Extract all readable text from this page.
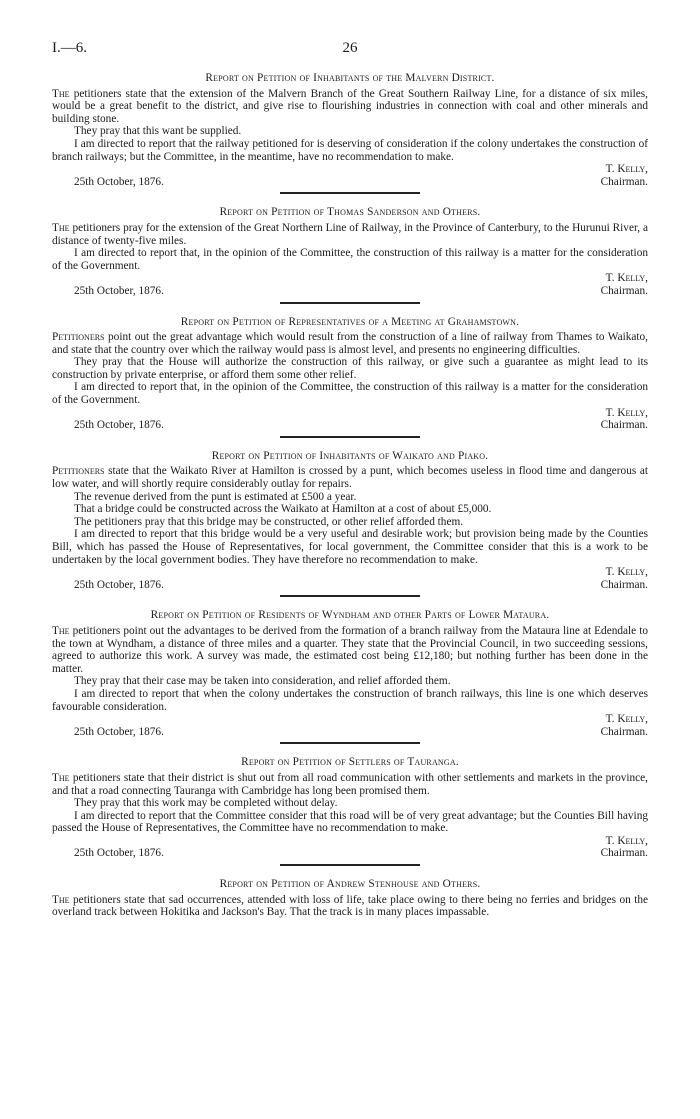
I.—6.	26
Report on Petition of Inhabitants of the Malvern District.

The petitioners state that the extension of the Malvern Branch of the Great Southern Railway Line, for a distance of six miles, would be a great benefit to the district, and give rise to flourishing industries in connection with coal and other minerals and building stone.

They pray that this want be supplied.

I am directed to report that the railway petitioned for is deserving of consideration if the colony undertakes the construction of branch railways; but the Committee, in the meantime, have no recommendation to make.

T. Kelly,
25th October, 1876.	Chairman.
Report on Petition of Thomas Sanderson and Others.

The petitioners pray for the extension of the Great Northern Line of Railway, in the Province of Canterbury, to the Hurunui River, a distance of twenty-five miles.

I am directed to report that, in the opinion of the Committee, the construction of this railway is a matter for the consideration of the Government.

T. Kelly,
25th October, 1876.	Chairman.
Report on Petition of Representatives of a Meeting at Grahamstown.

Petitioners point out the great advantage which would result from the construction of a line of railway from Thames to Waikato, and state that the country over which the railway would pass is almost level, and presents no engineering difficulties.

They pray that the House will authorize the construction of this railway, or give such a guarantee as might lead to its construction by private enterprise, or afford them some other relief.

I am directed to report that, in the opinion of the Committee, the construction of this railway is a matter for the consideration of the Government.

T. Kelly,
25th October, 1876.	Chairman.
Report on Petition of Inhabitants of Waikato and Piako.

Petitioners state that the Waikato River at Hamilton is crossed by a punt, which becomes useless in flood time and dangerous at low water, and will shortly require considerably outlay for repairs.

The revenue derived from the punt is estimated at £500 a year.

That a bridge could be constructed across the Waikato at Hamilton at a cost of about £5,000.

The petitioners pray that this bridge may be constructed, or other relief afforded them.

I am directed to report that this bridge would be a very useful and desirable work; but provision being made by the Counties Bill, which has passed the House of Representatives, for local government, the Committee consider that this is a work to be undertaken by the local government bodies. They have therefore no recommendation to make.

T. Kelly,
25th October, 1876.	Chairman.
Report on Petition of Residents of Wyndham and other Parts of Lower Mataura.

The petitioners point out the advantages to be derived from the formation of a branch railway from the Mataura line at Edendale to the town at Wyndham, a distance of three miles and a quarter. They state that the Provincial Council, in two succeeding sessions, agreed to authorize this work. A survey was made, the estimated cost being £12,180; but nothing further has been done in the matter.

They pray that their case may be taken into consideration, and relief afforded them.

I am directed to report that when the colony undertakes the construction of branch railways, this line is one which deserves favourable consideration.

T. Kelly,
25th October, 1876.	Chairman.
Report on Petition of Settlers of Tauranga.

The petitioners state that their district is shut out from all road communication with other settlements and markets in the province, and that a road connecting Tauranga with Cambridge has long been promised them.

They pray that this work may be completed without delay.

I am directed to report that the Committee consider that this road will be of very great advantage; but the Counties Bill having passed the House of Representatives, the Committee have no recommendation to make.

T. Kelly,
25th October, 1876.	Chairman.
Report on Petition of Andrew Stenhouse and Others.

The petitioners state that sad occurrences, attended with loss of life, take place owing to there being no ferries and bridges on the overland track between Hokitika and Jackson's Bay. That the track is in many places impassable.
